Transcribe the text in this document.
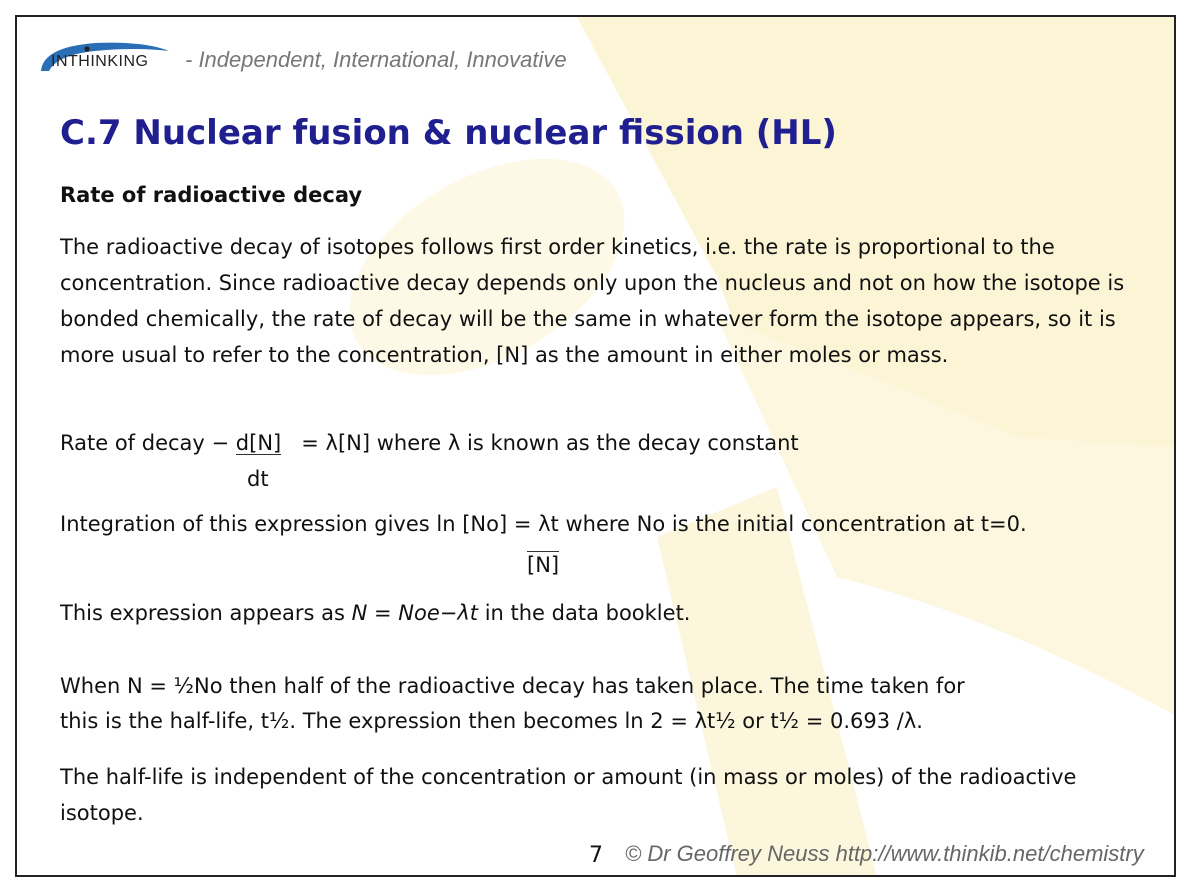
INTHINKING - Independent, International, Innovative
C.7 Nuclear fusion & nuclear fission (HL)
Rate of radioactive decay

The radioactive decay of isotopes follows first order kinetics, i.e. the rate is proportional to the concentration. Since radioactive decay depends only upon the nucleus and not on how the isotope is bonded chemically, the rate of decay will be the same in whatever form the isotope appears, so it is more usual to refer to the concentration, [N] as the amount in either moles or mass.

Rate of decay − d[N] = λ[N] where λ is known as the decay constant
dt
Integration of this expression gives ln [No] = λt where No is the initial concentration at t=0.
[N]
This expression appears as N = Noe−λt in the data booklet.
When N = ½No then half of the radioactive decay has taken place. The time taken for
this is the half-life, t½. The expression then becomes ln 2 = λt½ or t½ = 0.693 /λ.

The half-life is independent of the concentration or amount (in mass or moles) of the radioactive isotope.

7 © Dr Geoffrey Neuss http://www.thinkib.net/chemistry
